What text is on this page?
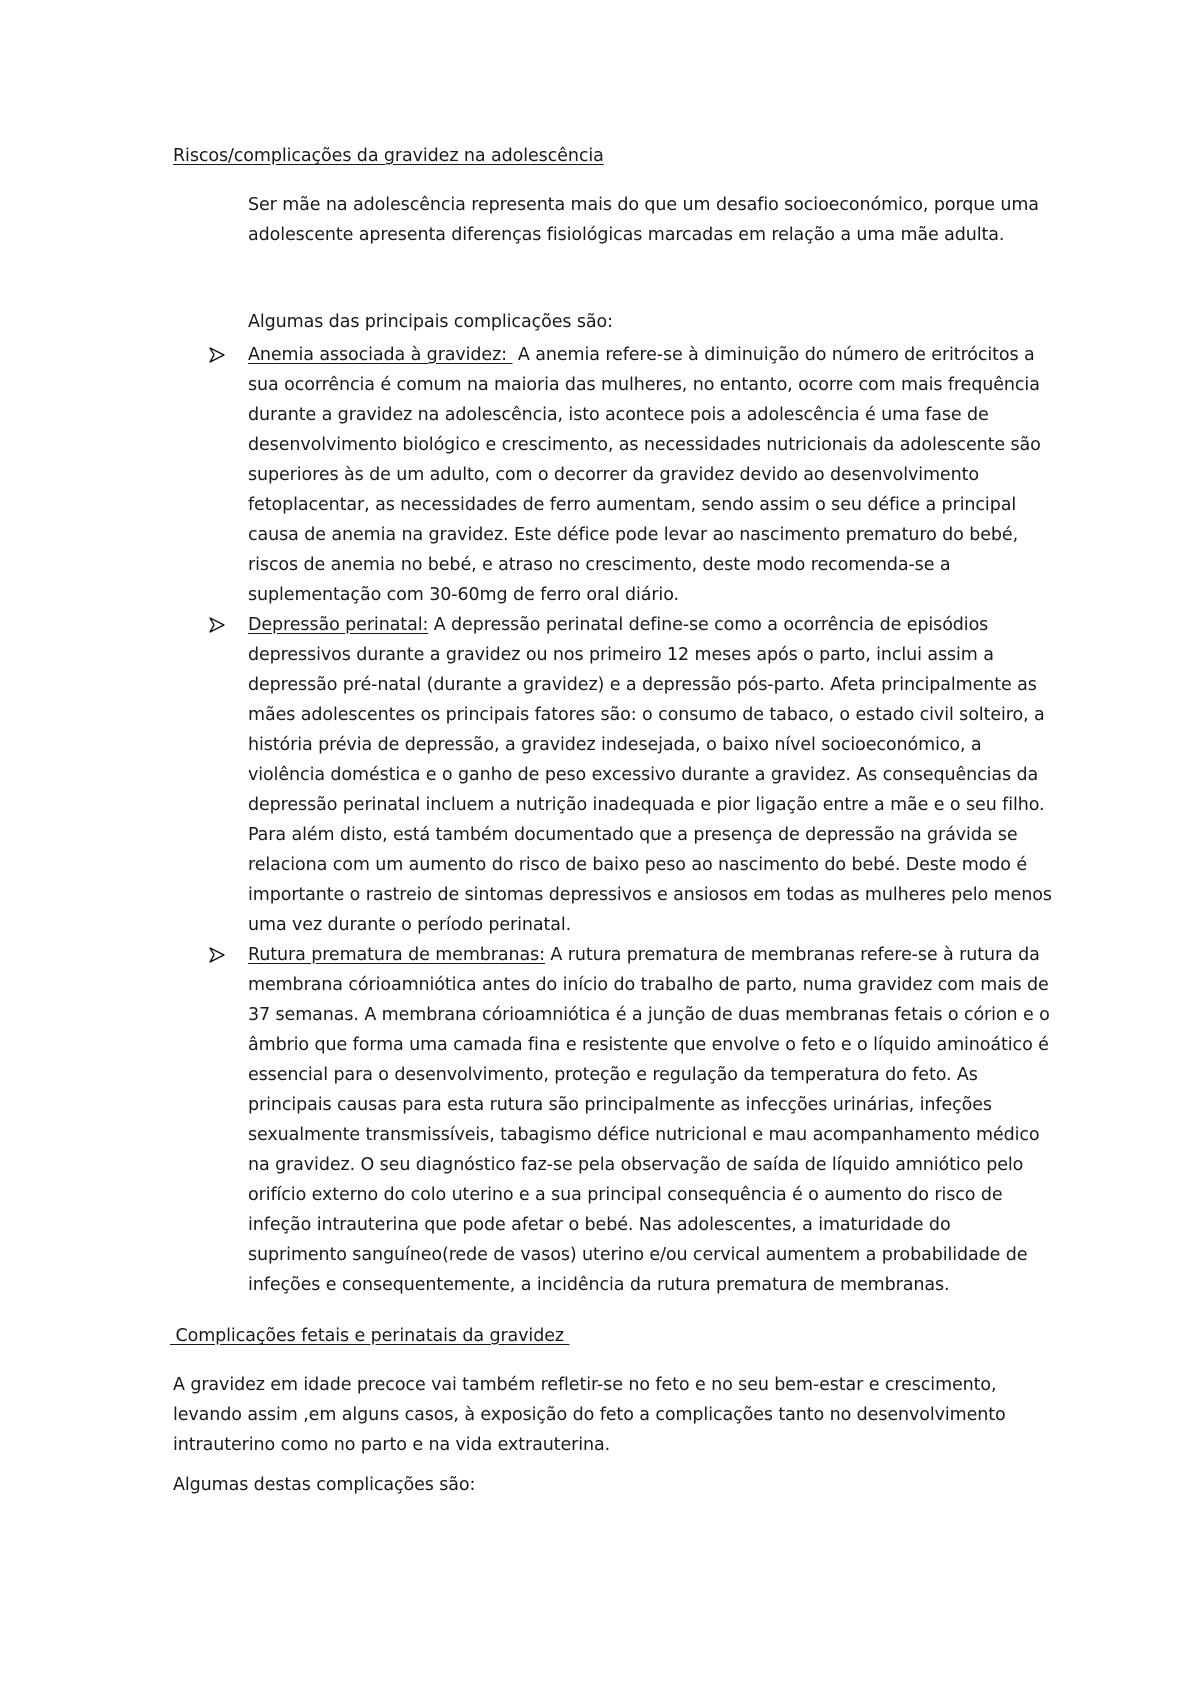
Riscos/complicações da gravidez na adolescência

Ser mãe na adolescência representa mais do que um desafio socioeconómico, porque uma adolescente apresenta diferenças fisiológicas marcadas em relação a uma mãe adulta.

Algumas das principais complicações são:

Anemia associada à gravidez:  A anemia refere-se à diminuição do número de eritrócitos a sua ocorrência é comum na maioria das mulheres, no entanto, ocorre com mais frequência durante a gravidez na adolescência, isto acontece pois a adolescência é uma fase de desenvolvimento biológico e crescimento, as necessidades nutricionais da adolescente são superiores às de um adulto, com o decorrer da gravidez devido ao desenvolvimento fetoplacentar, as necessidades de ferro aumentam, sendo assim o seu défice a principal causa de anemia na gravidez. Este défice pode levar ao nascimento prematuro do bebé, riscos de anemia no bebé, e atraso no crescimento, deste modo recomenda-se a suplementação com 30-60mg de ferro oral diário.
Depressão perinatal: A depressão perinatal define-se como a ocorrência de episódios depressivos durante a gravidez ou nos primeiro 12 meses após o parto, inclui assim a depressão pré-natal (durante a gravidez) e a depressão pós-parto. Afeta principalmente as mães adolescentes os principais fatores são: o consumo de tabaco, o estado civil solteiro, a história prévia de depressão, a gravidez indesejada, o baixo nível socioeconómico, a violência doméstica e o ganho de peso excessivo durante a gravidez. As consequências da depressão perinatal incluem a nutrição inadequada e pior ligação entre a mãe e o seu filho. Para além disto, está também documentado que a presença de depressão na grávida se relaciona com um aumento do risco de baixo peso ao nascimento do bebé. Deste modo é importante o rastreio de sintomas depressivos e ansiosos em todas as mulheres pelo menos uma vez durante o período perinatal.
Rutura prematura de membranas: A rutura prematura de membranas refere-se à rutura da membrana córioamniótica antes do início do trabalho de parto, numa gravidez com mais de 37 semanas. A membrana córioamniótica é a junção de duas membranas fetais o córion e o âmbrio que forma uma camada fina e resistente que envolve o feto e o líquido aminoático é essencial para o desenvolvimento, proteção e regulação da temperatura do feto. As principais causas para esta rutura são principalmente as infecções urinárias, infeções sexualmente transmissíveis, tabagismo défice nutricional e mau acompanhamento médico na gravidez. O seu diagnóstico faz-se pela observação de saída de líquido amniótico pelo orifício externo do colo uterino e a sua principal consequência é o aumento do risco de infeção intrauterina que pode afetar o bebé. Nas adolescentes, a imaturidade do suprimento sanguíneo(rede de vasos) uterino e/ou cervical aumentem a probabilidade de infeções e consequentemente, a incidência da rutura prematura de membranas.
Complicações fetais e perinatais da gravidez

A gravidez em idade precoce vai também refletir-se no feto e no seu bem-estar e crescimento, levando assim ,em alguns casos, à exposição do feto a complicações tanto no desenvolvimento intrauterino como no parto e na vida extrauterina.

Algumas destas complicações são:
